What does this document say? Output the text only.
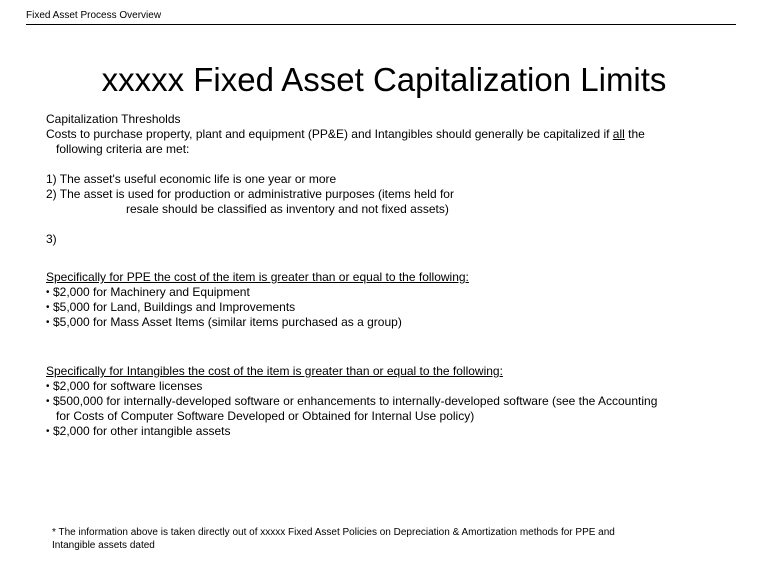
Fixed Asset Process Overview
xxxxx Fixed Asset Capitalization Limits
Capitalization Thresholds
Costs to purchase property, plant and equipment (PP&E) and Intangibles should generally be capitalized if all the
following criteria are met:
1) The asset's useful economic life is one year or more
2) The asset is used for production or administrative purposes (items held for
resale should be classified as inventory and not fixed assets)
3)
Specifically for PPE the cost of the item is greater than or equal to the following:
• $2,000 for Machinery and Equipment
• $5,000 for Land, Buildings and Improvements
• $5,000 for Mass Asset Items (similar items purchased as a group)
Specifically for Intangibles the cost of the item is greater than or equal to the following:
• $2,000 for software licenses
• $500,000 for internally-developed software or enhancements to internally-developed software (see the Accounting
for Costs of Computer Software Developed or Obtained for Internal Use policy)
• $2,000 for other intangible assets
* The information above is taken directly out of xxxxx Fixed Asset Policies on Depreciation & Amortization methods for PPE and
Intangible assets dated
